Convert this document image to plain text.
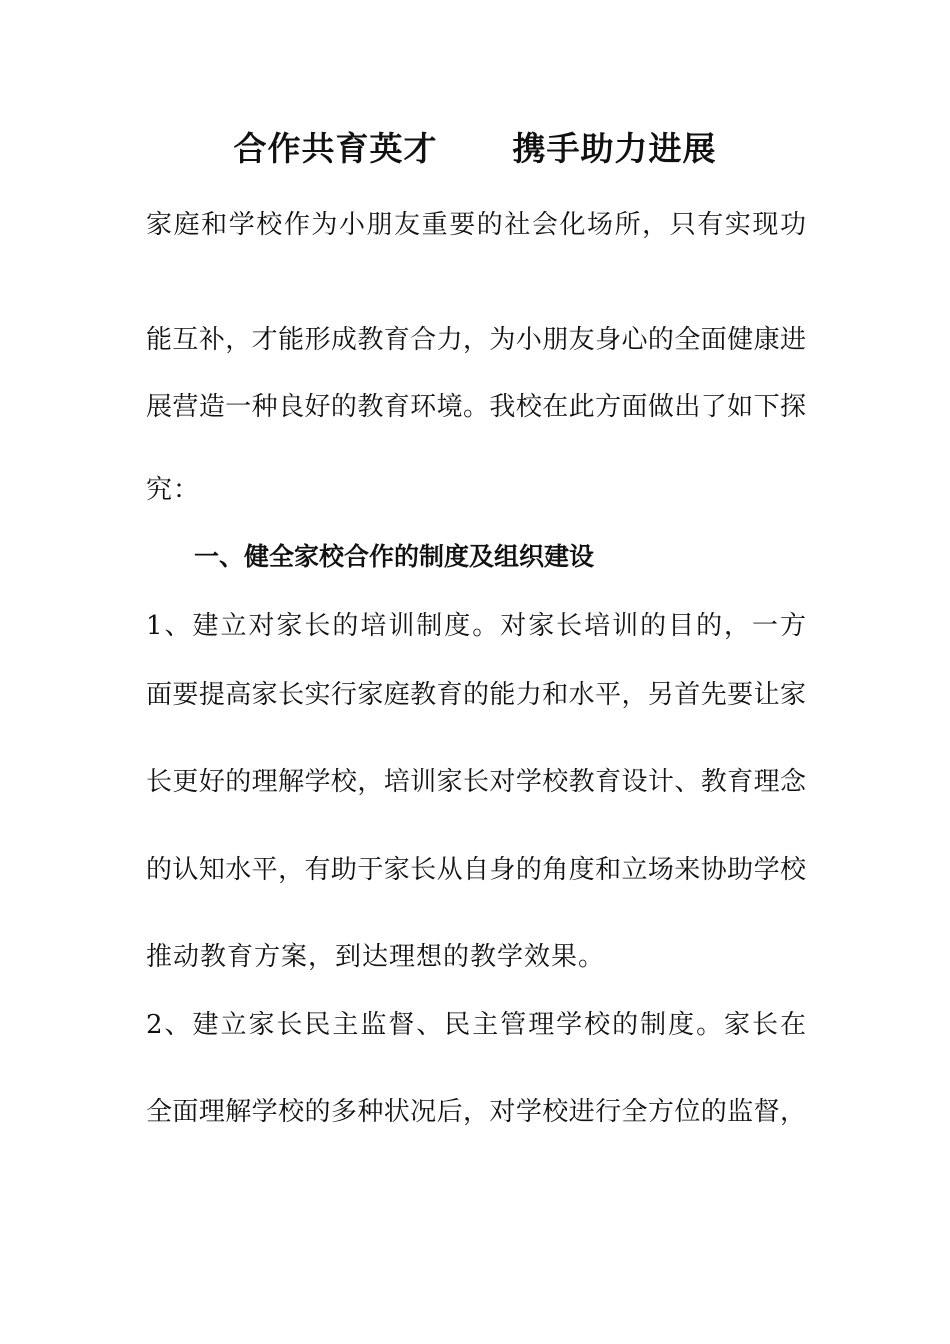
合作共育英才      携手助力进展
家庭和学校作为小朋友重要的社会化场所，只有实现功
能互补，才能形成教育合力，为小朋友身心的全面健康进
展营造一种良好的教育环境。我校在此方面做出了如下探
究：
一、健全家校合作的制度及组织建设
1、建立对家长的培训制度。对家长培训的目的，一方
面要提高家长实行家庭教育的能力和水平，另首先要让家
长更好的理解学校，培训家长对学校教育设计、教育理念
的认知水平，有助于家长从自身的角度和立场来协助学校
推动教育方案，到达理想的教学效果。
2、建立家长民主监督、民主管理学校的制度。家长在
全面理解学校的多种状况后，对学校进行全方位的监督，
